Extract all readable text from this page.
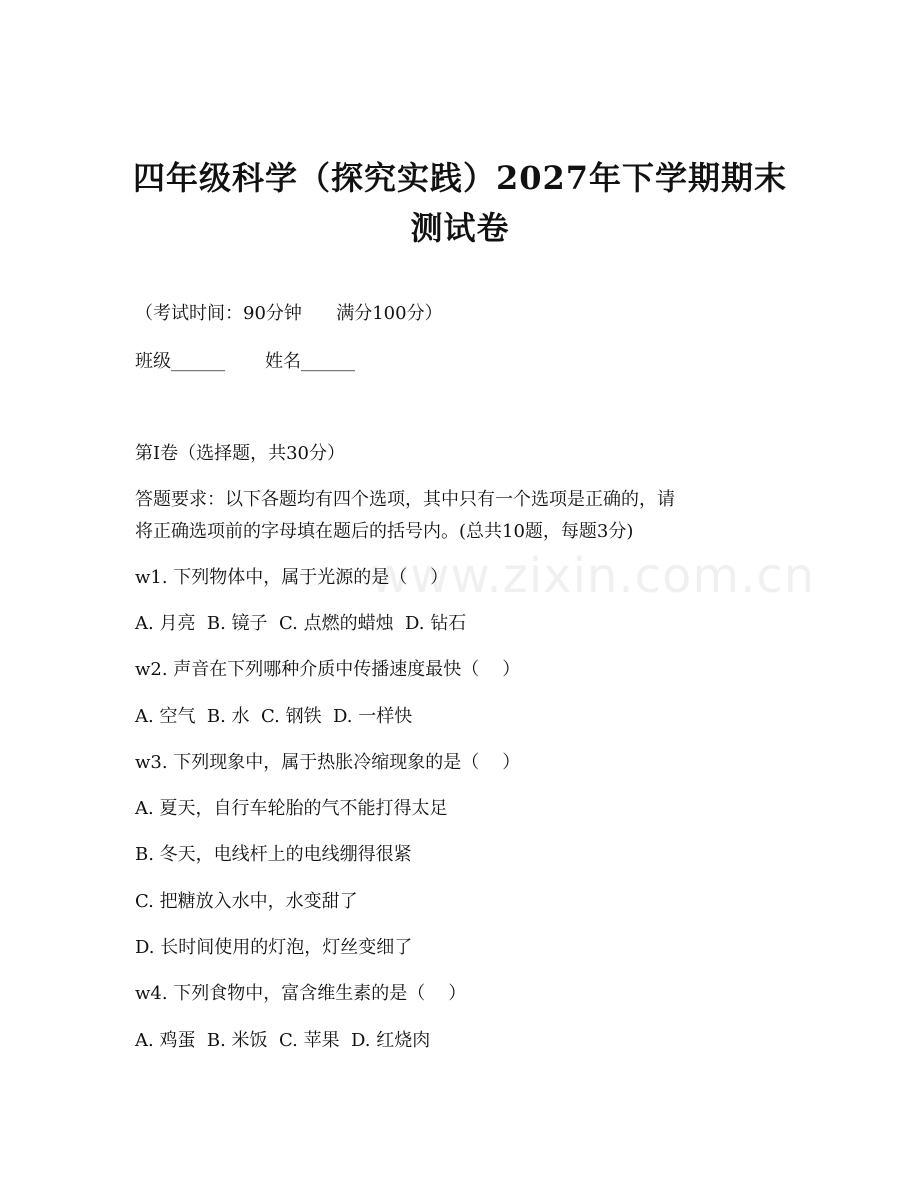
四年级科学（探究实践）2027年下学期期末
测试卷
（考试时间：90分钟      满分100分）
班级______       姓名______
第I卷（选择题，共30分）
答题要求：以下各题均有四个选项，其中只有一个选项是正确的，请
将正确选项前的字母填在题后的括号内。(总共10题，每题3分)
w1. 下列物体中，属于光源的是（    ）
A. 月亮  B. 镜子  C. 点燃的蜡烛  D. 钻石
w2. 声音在下列哪种介质中传播速度最快（    ）
A. 空气  B. 水  C. 钢铁  D. 一样快
w3. 下列现象中，属于热胀冷缩现象的是（    ）
A. 夏天，自行车轮胎的气不能打得太足
B. 冬天，电线杆上的电线绷得很紧
C. 把糖放入水中，水变甜了
D. 长时间使用的灯泡，灯丝变细了
w4. 下列食物中，富含维生素的是（    ）
A. 鸡蛋  B. 米饭  C. 苹果  D. 红烧肉
www.zixin.com.cn
